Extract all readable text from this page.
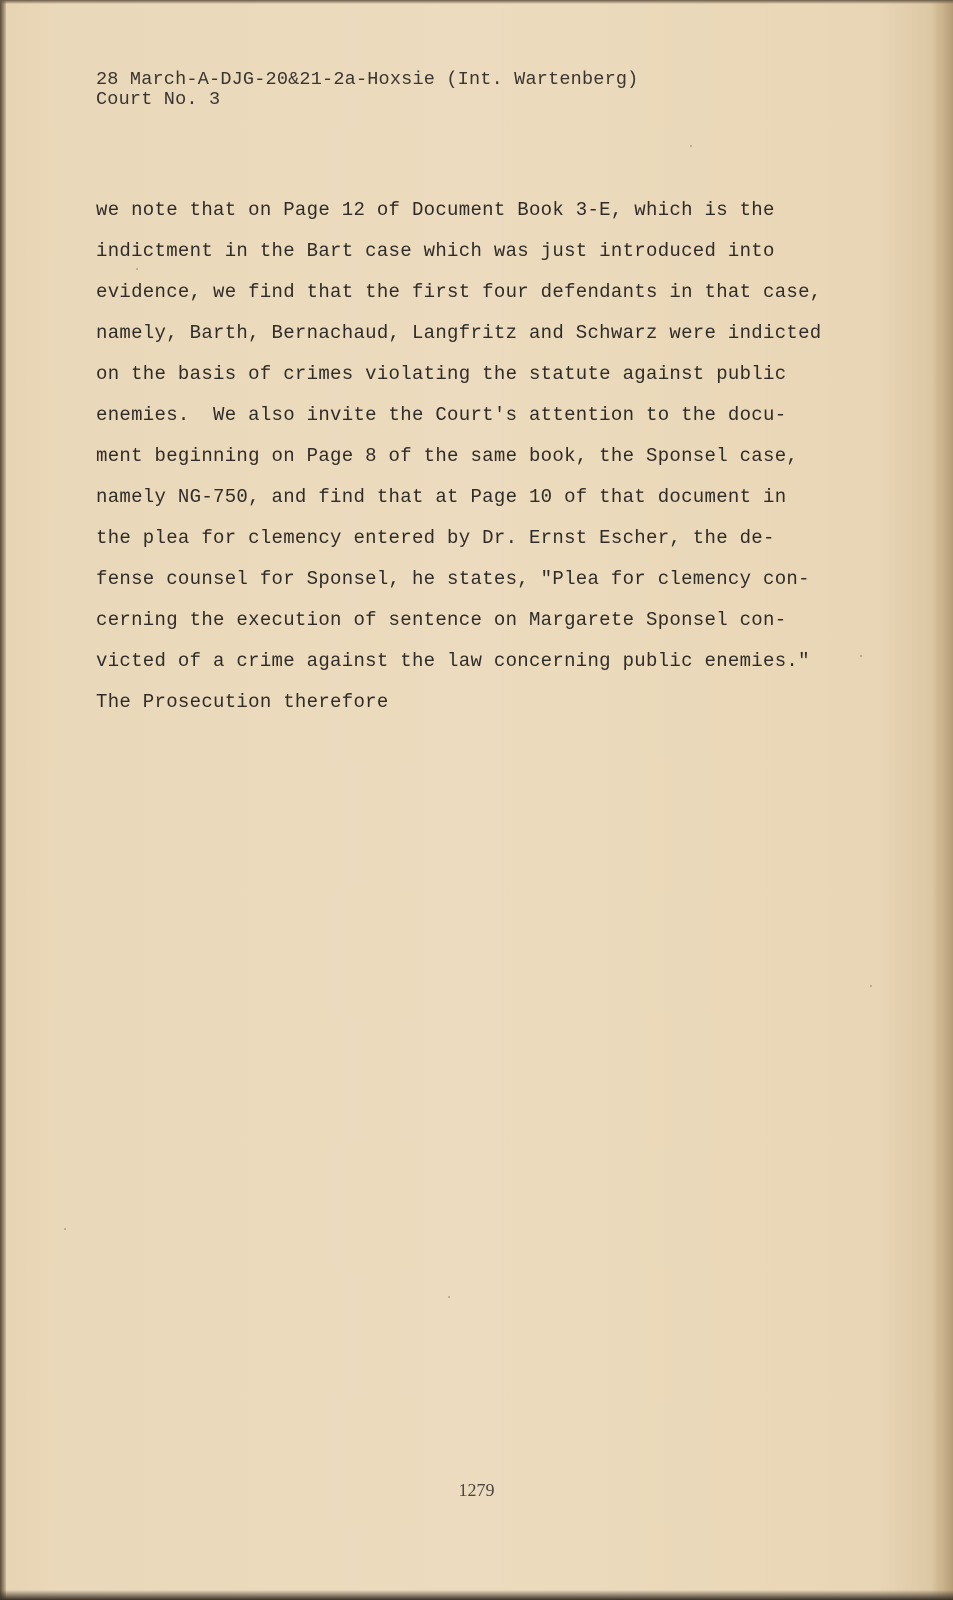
28 March-A-DJG-20&21-2a-Hoxsie (Int. Wartenberg)
Court No. 3
we note that on Page 12 of Document Book 3-E, which is the
indictment in the Bart case which was just introduced into
evidence, we find that the first four defendants in that case,
namely, Barth, Bernachaud, Langfritz and Schwarz were indicted
on the basis of crimes violating the statute against public
enemies.  We also invite the Court's attention to the docu-
ment beginning on Page 8 of the same book, the Sponsel case,
namely NG-750, and find that at Page 10 of that document in
the plea for clemency entered by Dr. Ernst Escher, the de-
fense counsel for Sponsel, he states, "Plea for clemency con-
cerning the execution of sentence on Margarete Sponsel con-
victed of a crime against the law concerning public enemies."
The Prosecution therefore
1279
